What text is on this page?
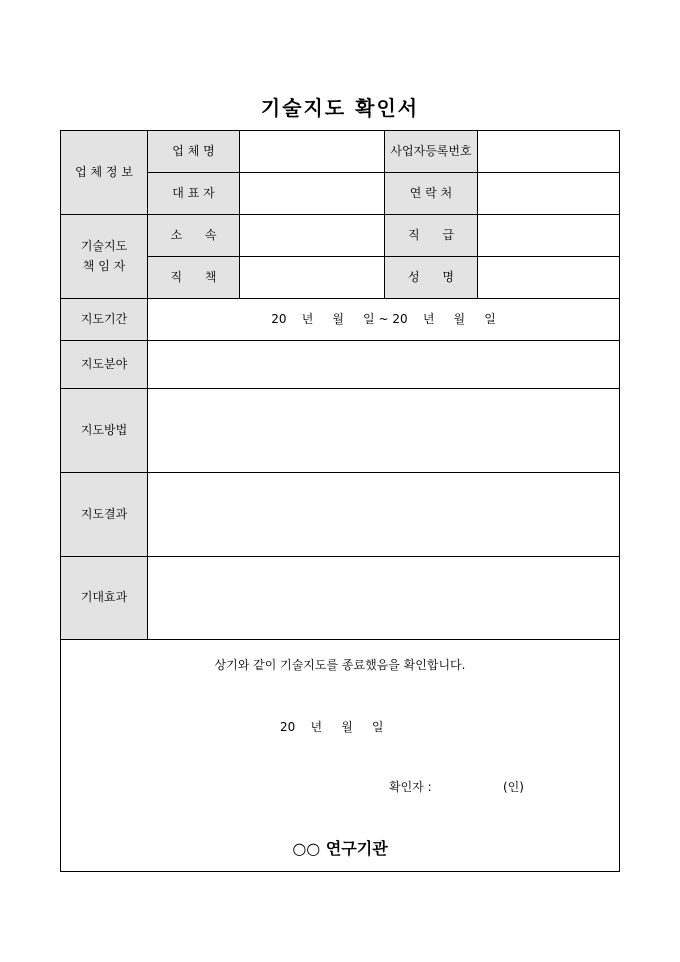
기술지도 확인서
업 체 정 보
업 체 명	사업자등록번호
대 표 자	연 락 처
기술지도
책 임 자
소      속	직      급
직      책	성      명
지도기간	20    년     월     일 ~ 20    년     월     일
지도분야
지도방법
지도결과
기대효과
상기와 같이 기술지도를 종료했음을 확인합니다.
20    년     월     일
확인자 :	(인)
○○ 연구기관
